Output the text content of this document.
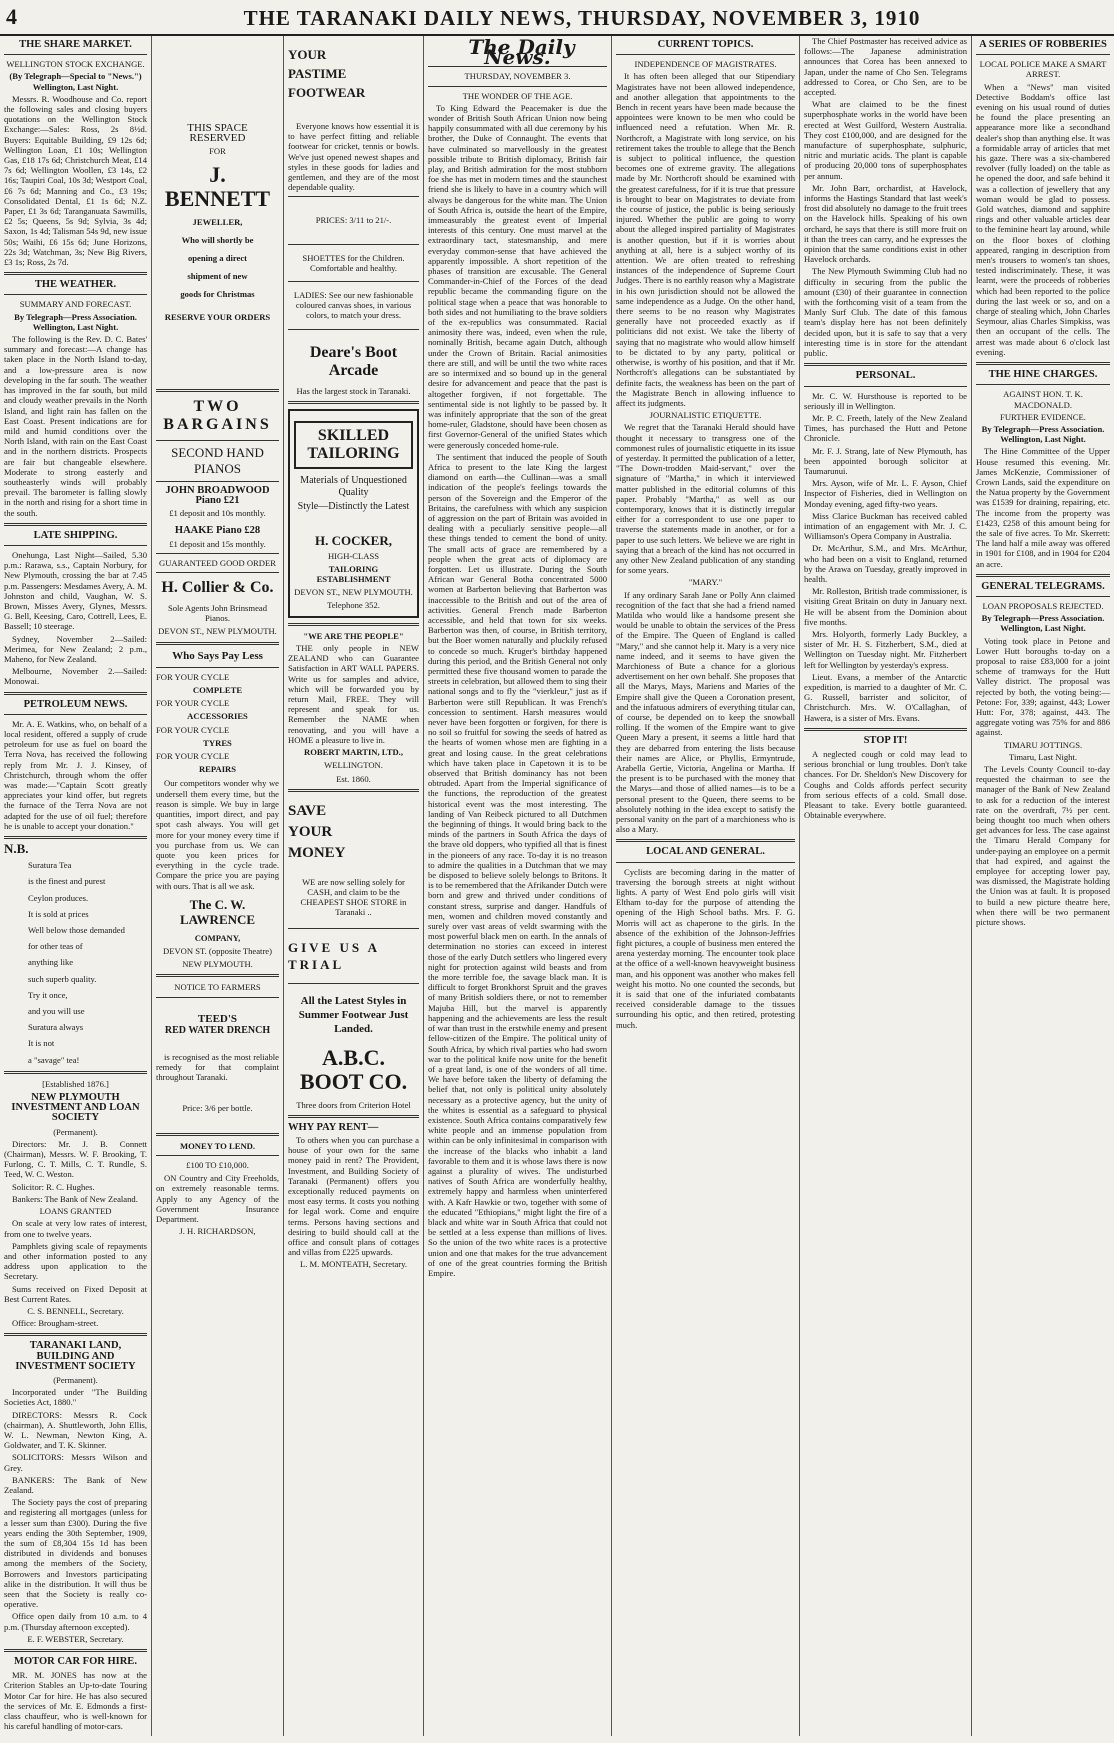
4	THE TARANAKI DAILY NEWS, THURSDAY, NOVEMBER 3, 1910

THE SHARE MARKET.

WELLINGTON STOCK EXCHANGE.

(By Telegraph—Special to "News.") Wellington, Last Night.

Messrs. R. Woodhouse and Co. report the following sales and closing buyers quotations on the Wellington Stock Exchange:—Sales: Ross, 2s 8½d. Buyers: Equitable Building, £9 12s 6d; Wellington Loan, £1 10s; Wellington Gas, £18 17s 6d; Christchurch Meat, £14 7s 6d; Wellington Woollen, £3 14s, £2 16s; Taupiri Coal, 10s 3d; Westport Coal, £6 7s 6d; Manning and Co., £3 19s; Consolidated Dental, £1 1s 6d; N.Z. Paper, £1 3s 6d; Taranganuata Sawmills, £2 5s; Queens, 5s 9d; Sylvia, 3s 4d; Saxon, 1s 4d; Talisman 54s 9d, new issue 50s; Waihi, £6 15s 6d; June Horizons, 22s 3d; Watchman, 3s; New Big Rivers, £3 1s; Ross, 2s 7d.

THE WEATHER.

SUMMARY AND FORECAST.

By Telegraph—Press Association. Wellington, Last Night.

The following is the Rev. D. C. Bates' summary and forecast:—A change has taken place in the North Island to-day, and a low-pressure area is now developing in the far south. The weather has improved in the far south, but mild and cloudy weather prevails in the North Island, and light rain has fallen on the East Coast. Present indications are for mild and humid conditions over the North Island, with rain on the East Coast and in the northern districts. Prospects are fair but changeable elsewhere. Moderate to strong easterly and southeasterly winds will probably prevail. The barometer is falling slowly in the north and rising for a short time in the south.

LATE SHIPPING.

Onehunga, Last Night—Sailed, 5.30 p.m.: Rarawa, s.s., Captain Norbury, for New Plymouth, crossing the bar at 7.45 p.m. Passengers: Mesdames Avery, A. M. Johnston and child, Vaughan, W. S. Brown, Misses Avery, Glynes, Messrs. G. Bell, Keesing, Caro, Cottrell, Lees, E. Bassell; 10 steerage.

Sydney, November 2—Sailed: Merimea, for New Zealand; 2 p.m., Maheno, for New Zealand.

Melbourne, November 2.—Sailed: Monowai.

PETROLEUM NEWS.

Mr. A. E. Watkins, who, on behalf of a local resident, offered a supply of crude petroleum for use as fuel on board the Terra Nova, has received the following reply from Mr. J. J. Kinsey, of Christchurch, through whom the offer was made:—"Captain Scott greatly appreciates your kind offer, but regrets the furnace of the Terra Nova are not adapted for the use of oil fuel; therefore he is unable to accept your donation."

N.B.

Suratura Tea

is the finest and purest

Ceylon produces.

It is sold at prices

Well below those demanded

for other teas of

anything like

such superb quality.

Try it once,

and you will use

Suratura always

It is not

a "savage" tea!

[Established 1876.]

NEW PLYMOUTH INVESTMENT AND LOAN SOCIETY

(Permanent).

Directors: Mr. J. B. Connett (Chairman), Messrs. W. F. Brooking, T. Furlong, C. T. Mills, C. T. Rundle, S. Teed, W. C. Weston.

Solicitor: R. C. Hughes.

Bankers: The Bank of New Zealand.

LOANS GRANTED

On scale at very low rates of interest, from one to twelve years.

Pamphlets giving scale of repayments and other information posted to any address upon application to the Secretary.

Sums received on Fixed Deposit at Best Current Rates.

C. S. BENNELL, Secretary.

Office: Brougham-street.

TARANAKI LAND, BUILDING AND INVESTMENT SOCIETY

(Permanent).

Incorporated under "The Building Societies Act, 1880."

DIRECTORS: Messrs R. Cock (chairman), A. Shuttleworth, John Ellis, W. L. Newman, Newton King, A. Goldwater, and T. K. Skinner.

SOLICITORS: Messrs Wilson and Grey.

BANKERS: The Bank of New Zealand.

The Society pays the cost of preparing and registering all mortgages (unless for a lesser sum than £300). During the five years ending the 30th September, 1909, the sum of £8,304 15s 1d has been distributed in dividends and bonuses among the members of the Society, Borrowers and Investors participating alike in the distribution. It will thus be seen that the Society is really co-operative.

Office open daily from 10 a.m. to 4 p.m. (Thursday afternoon excepted).

E. F. WEBSTER, Secretary.

MOTOR CAR FOR HIRE.

MR. M. JONES has now at the Criterion Stables an Up-to-date Touring Motor Car for hire. He has also secured the services of Mr. E. Edmonds a first-class chauffeur, who is well-known for his careful handling of motor-cars.

THIS SPACE RESERVED

FOR

J. BENNETT

JEWELLER,

Who will shortly be

opening a direct

shipment of new

goods for Christmas

RESERVE YOUR ORDERS

TWO BARGAINS

SECOND HAND PIANOS

JOHN BROADWOOD Piano £21

£1 deposit and 10s monthly.

HAAKE Piano £28

£1 deposit and 15s monthly.

GUARANTEED GOOD ORDER

H. Collier & Co.

Sole Agents John Brinsmead Pianos.

DEVON ST., NEW PLYMOUTH.

Who Says Pay Less

FOR YOUR CYCLE

COMPLETE

FOR YOUR CYCLE

ACCESSORIES

FOR YOUR CYCLE

TYRES

FOR YOUR CYCLE

REPAIRS

Our competitors wonder why we undersell them every time, but the reason is simple. We buy in large quantities, import direct, and pay spot cash always. You will get more for your money every time if you purchase from us. We can quote you keen prices for everything in the cycle trade. Compare the price you are paying with ours. That is all we ask.

The C. W. LAWRENCE

COMPANY,

DEVON ST. (opposite Theatre)

NEW PLYMOUTH.

NOTICE TO FARMERS

TEED'S

RED WATER DRENCH

is recognised as the most reliable remedy for that complaint throughout Taranaki.

Price: 3/6 per bottle.

MONEY TO LEND.

£100 TO £10,000.

ON Country and City Freeholds, on extremely reasonable terms. Apply to any Agency of the Government Insurance Department.

J. H. RICHARDSON,

YOUR

PASTIME

FOOTWEAR

Everyone knows how essential it is to have perfect fitting and reliable footwear for cricket, tennis or bowls. We've just opened newest shapes and styles in these goods for ladies and gentlemen, and they are of the most dependable quality.

PRICES: 3/11 to 21/-.

SHOETTES for the Children. Comfortable and healthy.

LADIES: See our new fashionable coloured canvas shoes, in various colors, to match your dress.

Deare's Boot Arcade

Has the largest stock in Taranaki.

SKILLED TAILORING

Materials of Unquestioned Quality

Style—Distinctly the Latest

H. COCKER,

HIGH-CLASS

TAILORING ESTABLISHMENT

DEVON ST., NEW PLYMOUTH.

Telephone 352.

"WE ARE THE PEOPLE"

THE only people in NEW ZEALAND who can Guarantee Satisfaction in ART WALL PAPERS. Write us for samples and advice, which will be forwarded you by return Mail, FREE. They will represent and speak for us. Remember the NAME when renovating, and you will have a HOME a pleasure to live in.

ROBERT MARTIN, LTD.,

WELLINGTON.

Est. 1860.

SAVE

YOUR

MONEY

WE are now selling solely for CASH, and claim to be the CHEAPEST SHOE STORE in Taranaki ..

GIVE US A TRIAL

All the Latest Styles in Summer Footwear Just Landed.

A.B.C. BOOT CO.

Three doors from Criterion Hotel

WHY PAY RENT—

To others when you can purchase a house of your own for the same money paid in rent? The Provident, Investment, and Building Society of Taranaki (Permanent) offers you exceptionally reduced payments on most easy terms. It costs you nothing for legal work. Come and enquire terms. Persons having sections and desiring to build should call at the office and consult plans of cottages and villas from £225 upwards.

L. M. MONTEATH, Secretary.

The Daily News.

THURSDAY, NOVEMBER 3.

THE WONDER OF THE AGE.

To King Edward the Peacemaker is due the wonder of British South African Union now being happily consummated with all due ceremony by his brother, the Duke of Connaught. The events that have culminated so marvellously in the greatest possible tribute to British diplomacy, British fair play, and British admiration for the most stubborn foe she has met in modern times and the staunchest friend she is likely to have in a country which will always be dangerous for the white man. The Union of South Africa is, outside the heart of the Empire, immeasurably the greatest event of Imperial interests of this century. One must marvel at the extraordinary tact, statesmanship, and mere everyday common-sense that have achieved the apparently impossible. A short repetition of the phases of transition are excusable. The General Commander-in-Chief of the Forces of the dead republic became the commanding figure on the political stage when a peace that was honorable to both sides and not humiliating to the brave soldiers of the ex-republics was consummated. Racial animosity there was, indeed, even when the rule, nominally British, became again Dutch, although under the Crown of Britain. Racial animosities there are still, and will be until the two white races are so intermixed and so bound up in the general desire for advancement and peace that the past is altogether forgiven, if not forgettable. The sentimental side is not lightly to be passed by. It was infinitely appropriate that the son of the great home-ruler, Gladstone, should have been chosen as first Governor-General of the unified States which were generously conceded home-rule.

The sentiment that induced the people of South Africa to present to the late King the largest diamond on earth—the Cullinan—was a small indication of the people's feelings towards the person of the Sovereign and the Emperor of the Britains, the carefulness with which any suspicion of aggression on the part of Britain was avoided in dealing with a peculiarly sensitive people—all these things tended to cement the bond of unity. The small acts of grace are remembered by a people when the great acts of diplomacy are forgotten. Let us illustrate. During the South African war General Botha concentrated 5000 women at Barberton believing that Barberton was inaccessible to the British and out of the area of activities. General French made Barberton accessible, and held that town for six weeks. Barberton was then, of course, in British territory, but the Boer women naturally and pluckily refused to concede so much. Kruger's birthday happened during this period, and the British General not only permitted these five thousand women to parade the streets in celebration, but allowed them to sing their national songs and to fly the "vierkleur," just as if Barberton were still Republican. It was French's concession to sentiment. Harsh measures would never have been forgotten or forgiven, for there is no soil so fruitful for sowing the seeds of hatred as the hearts of women whose men are fighting in a great and losing cause. In the great celebrations which have taken place in Capetown it is to be observed that British dominancy has not been obtruded. Apart from the Imperial significance of the functions, the reproduction of the greatest historical event was the most interesting. The landing of Van Reibeck pictured to all Dutchmen the beginning of things. It would bring back to the minds of the partners in South Africa the days of the brave old doppers, who typified all that is finest in the pioneers of any race. To-day it is no treason to admire the qualities in a Dutchman that we may be disposed to believe solely belongs to Britons. It is to be remembered that the Afrikander Dutch were born and grew and thrived under conditions of constant stress, surprise and danger. Handfuls of men, women and children moved constantly and surely over vast areas of veldt swarming with the most powerful black men on earth. In the annals of determination no stories can exceed in interest those of the early Dutch settlers who lingered every night for protection against wild beasts and from the more terrible foe, the savage black man. It is difficult to forget Bronkhorst Spruit and the graves of many British soldiers there, or not to remember Majuba Hill, but the marvel is apparently happening and the achievements are less the result of war than trust in the erstwhile enemy and present fellow-citizen of the Empire. The political unity of South Africa, by which rival parties who had sworn war to the political knife now unite for the benefit of a great land, is one of the wonders of all time. We have before taken the liberty of defaming the belief that, not only is political unity absolutely necessary as a protective agency, but the unity of the whites is essential as a safeguard to physical existence. South Africa contains comparatively few white people and an immense population from within can be only infinitesimal in comparison with the increase of the blacks who inhabit a land favorable to them and it is whose laws there is now against a plurality of wives. The undisturbed natives of South Africa are wonderfully healthy, extremely happy and harmless when uninterfered with. A Kafr Hawkie or two, together with some of the educated "Ethiopians," might light the fire of a black and white war in South Africa that could not be settled at a less expense than millions of lives. So the union of the two white races is a protective union and one that makes for the true advancement of one of the great countries forming the British Empire.

CURRENT TOPICS.

INDEPENDENCE OF MAGISTRATES.

It has often been alleged that our Stipendiary Magistrates have not been allowed independence, and another allegation that appointments to the Bench in recent years have been made because the appointees were known to be men who could be influenced need a refutation. When Mr. R. Northcroft, a Magistrate with long service, on his retirement takes the trouble to allege that the Bench is subject to political influence, the question becomes one of extreme gravity. The allegations made by Mr. Northcroft should be examined with the greatest carefulness, for if it is true that pressure is brought to bear on Magistrates to deviate from the course of justice, the public is being seriously injured. Whether the public are going to worry about the alleged inspired partiality of Magistrates is another question, but if it is worries about anything at all, here is a subject worthy of its attention. We are often treated to refreshing instances of the independence of Supreme Court Judges. There is no earthly reason why a Magistrate in his own jurisdiction should not be allowed the same independence as a Judge. On the other hand, there seems to be no reason why Magistrates generally have not proceeded exactly as if politicians did not exist. We take the liberty of saying that no magistrate who would allow himself to be dictated to by any party, political or otherwise, is worthy of his position, and that if Mr. Northcroft's allegations can be substantiated by definite facts, the weakness has been on the part of the Magistrate Bench in allowing influence to affect its judgments.

JOURNALISTIC ETIQUETTE.

We regret that the Taranaki Herald should have thought it necessary to transgress one of the commonest rules of journalistic etiquette in its issue of yesterday. It permitted the publication of a letter, "The Down-trodden Maid-servant," over the signature of "Martha," in which it interviewed matter published in the editorial columns of this paper. Probably "Martha," as well as our contemporary, knows that it is distinctly irregular either for a correspondent to use one paper to traverse the statements made in another, or for a paper to use such letters. We believe we are right in saying that a breach of the kind has not occurred in any other New Zealand publication of any standing for some years.

"MARY."

If any ordinary Sarah Jane or Polly Ann claimed recognition of the fact that she had a friend named Matilda who would like a handsome present she would be unable to obtain the services of the Press of the Empire. The Queen of England is called "Mary," and she cannot help it. Mary is a very nice name indeed, and it seems to have given the Marchioness of Bute a chance for a glorious advertisement on her own behalf. She proposes that all the Marys, Mays, Mariens and Maries of the Empire shall give the Queen a Coronation present, and the infatuous admirers of everything titular can, of course, be depended on to keep the snowball rolling. If the women of the Empire want to give Queen Mary a present, it seems a little hard that they are debarred from entering the lists because their names are Alice, or Phyllis, Ermyntrude, Arabella Gertie, Victoria, Angelina or Martha. If the present is to be purchased with the money that the Marys—and those of allied names—is to be a personal present to the Queen, there seems to be absolutely nothing in the idea except to satisfy the personal vanity on the part of a marchioness who is also a Mary.

LOCAL AND GENERAL.

Cyclists are becoming daring in the matter of traversing the borough streets at night without lights. A party of West End polo girls will visit Eltham to-day for the purpose of attending the opening of the High School baths. Mrs. F. G. Morris will act as chaperone to the girls. In the absence of the exhibition of the Johnson-Jeffries fight pictures, a couple of business men entered the arena yesterday morning. The encounter took place at the office of a well-known heavyweight business man, and his opponent was another who makes fell weight his motto. No one counted the seconds, but it is said that one of the infuriated combatants received considerable damage to the tissues surrounding his optic, and then retired, protesting much.

The Chief Postmaster has received advice as follows:—The Japanese administration announces that Corea has been annexed to Japan, under the name of Cho Sen. Telegrams addressed to Corea, or Cho Sen, are to be accepted.

What are claimed to be the finest superphosphate works in the world have been erected at West Guilford, Western Australia. They cost £100,000, and are designed for the manufacture of superphosphate, sulphuric, nitric and muriatic acids. The plant is capable of producing 20,000 tons of superphosphates per annum.

Mr. John Barr, orchardist, at Havelock, informs the Hastings Standard that last week's frost did absolutely no damage to the fruit trees on the Havelock hills. Speaking of his own orchard, he says that there is still more fruit on it than the trees can carry, and he expresses the opinion that the same conditions exist in other Havelock orchards.

The New Plymouth Swimming Club had no difficulty in securing from the public the amount (£30) of their guarantee in connection with the forthcoming visit of a team from the Manly Surf Club. The date of this famous team's display here has not been definitely decided upon, but it is safe to say that a very interesting time is in store for the attendant public.

PERSONAL.

Mr. C. W. Hursthouse is reported to be seriously ill in Wellington.

Mr. P. C. Freeth, lately of the New Zealand Times, has purchased the Hutt and Petone Chronicle.

Mr. F. J. Strang, late of New Plymouth, has been appointed borough solicitor at Taumarunui.

Mrs. Ayson, wife of Mr. L. F. Ayson, Chief Inspector of Fisheries, died in Wellington on Monday evening, aged fifty-two years.

Miss Clarice Buckman has received cabled intimation of an engagement with Mr. J. C. Williamson's Opera Company in Australia.

Dr. McArthur, S.M., and Mrs. McArthur, who had been on a visit to England, returned by the Arawa on Tuesday, greatly improved in health.

Mr. Rolleston, British trade commissioner, is visiting Great Britain on duty in January next. He will be absent from the Dominion about five months.

Mrs. Holyorth, formerly Lady Buckley, a sister of Mr. H. S. Fitzherbert, S.M., died at Wellington on Tuesday night. Mr. Fitzherbert left for Wellington by yesterday's express.

Lieut. Evans, a member of the Antarctic expedition, is married to a daughter of Mr. C. G. Russell, barrister and solicitor, of Christchurch. Mrs. W. O'Callaghan, of Hawera, is a sister of Mrs. Evans.

STOP IT!

A neglected cough or cold may lead to serious bronchial or lung troubles. Don't take chances. For Dr. Sheldon's New Discovery for Coughs and Colds affords perfect security from serious effects of a cold. Small dose. Pleasant to take. Every bottle guaranteed. Obtainable everywhere.

A SERIES OF ROBBERIES

LOCAL POLICE MAKE A SMART ARREST.

When a "News" man visited Detective Boddam's office last evening on his usual round of duties he found the place presenting an appearance more like a secondhand dealer's shop than anything else. It was a formidable array of articles that met his gaze. There was a six-chambered revolver (fully loaded) on the table as he opened the door, and safe behind it was a collection of jewellery that any woman would be glad to possess. Gold watches, diamond and sapphire rings and other valuable articles dear to the feminine heart lay around, while on the floor boxes of clothing appeared, ranging in description from men's trousers to women's tan shoes, tested indiscriminately. These, it was learnt, were the proceeds of robberies which had been reported to the police during the last week or so, and on a charge of stealing which, John Charles Seymour, alias Charles Simpkiss, was then an occupant of the cells. The arrest was made about 6 o'clock last evening.

THE HINE CHARGES.

AGAINST HON. T. K. MACDONALD.

FURTHER EVIDENCE.

By Telegraph—Press Association. Wellington, Last Night.

The Hine Committee of the Upper House resumed this evening. Mr. James McKenzie, Commissioner of Crown Lands, said the expenditure on the Natua property by the Government was £1539 for draining, repairing, etc. The income from the property was £1423, £258 of this amount being for the sale of five acres. To Mr. Skerrett: The land half a mile away was offered in 1901 for £108, and in 1904 for £204 an acre.

GENERAL TELEGRAMS.

LOAN PROPOSALS REJECTED.

By Telegraph—Press Association. Wellington, Last Night.

Voting took place in Petone and Lower Hutt boroughs to-day on a proposal to raise £83,000 for a joint scheme of tramways for the Hutt Valley district. The proposal was rejected by both, the voting being:—Petone: For, 339; against, 443; Lower Hutt: For, 378; against, 443. The aggregate voting was 75% for and 886 against.

TIMARU JOTTINGS.

Timaru, Last Night.

The Levels County Council to-day requested the chairman to see the manager of the Bank of New Zealand to ask for a reduction of the interest rate on the overdraft, 7½ per cent. being thought too much when others get advances for less. The case against the Timaru Herald Company for under-paying an employee on a permit that had expired, and against the employee for accepting lower pay, was dismissed, the Magistrate holding the Union was at fault. It is proposed to build a new picture theatre here, when there will be two permanent picture shows.
